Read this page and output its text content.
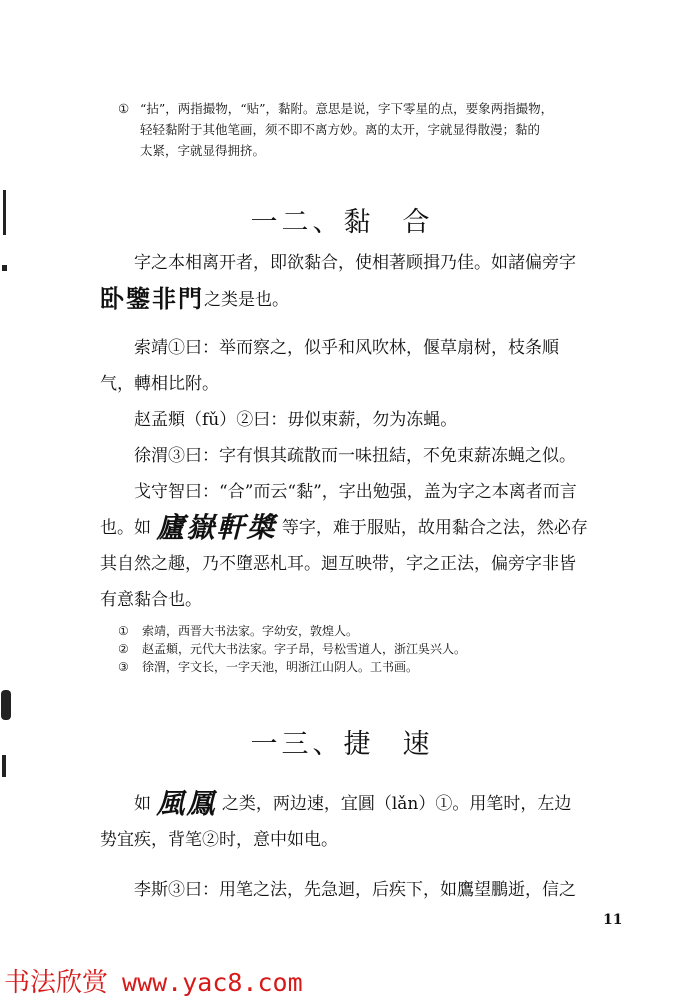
① “拈”，两指撮物，“贴”，黏附。意思是说，字下零星的点，要象两指撮物，
轻轻黏附于其他笔画，须不即不离方妙。离的太开，字就显得散漫；黏的
太紧，字就显得拥挤。
一二、黏 合
字之本相离开者，即欲黏合，使相著顾揖乃佳。如諸偏旁字
卧鑒非門之类是也。
索靖①曰：举而察之，似乎和风吹林，偃草扇树，枝条順
气，轉相比附。
赵孟頫（fǔ）②曰：毋似束薪，勿为冻蝇。
徐渭③曰：字有惧其疏散而一味扭結，不免束薪冻蝇之似。
戈守智曰：“合”而云“黏”，字出勉强，盖为字之本离者而言
也。如 廬嶽軒槳 等字，难于服贴，故用黏合之法，然必存
其自然之趣，乃不墮恶札耳。迴互映带，字之正法，偏旁字非皆
有意黏合也。
① 索靖，西晋大书法家。字幼安，敦煌人。
② 赵孟頫，元代大书法家。字子昂，号松雪道人，浙江吳兴人。
③ 徐渭，字文长，一字天池，明浙江山阴人。工书画。
一三、捷 速
如 風鳳 之类，两边速，宜圓឴（lǎn）①。用笔时，左边
势宜疾，背笔②时，意中如电。
李斯③曰：用笔之法，先急迴，后疾下，如鷹望鵬逝，信之
11
书法欣赏 www.yac8.com
